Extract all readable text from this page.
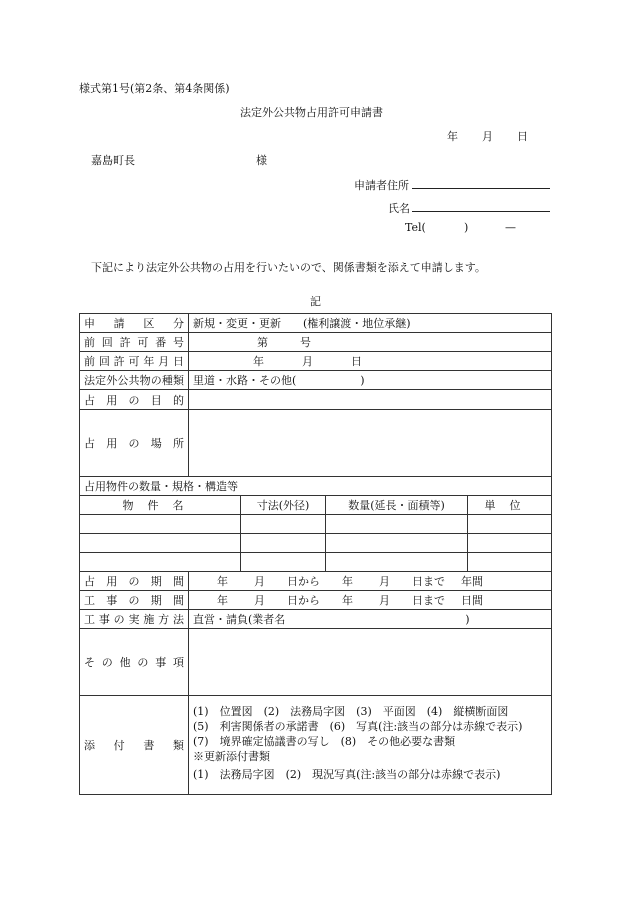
様式第1号(第2条、第4条関係)
法定外公共物占用許可申請書
年 月 日
嘉島町長	様
申請者住所
氏名
Tel(	)	—
下記により法定外公共物の占用を行いたいので、関係書類を添えて申請します。
記
申請区分	新規・変更・更新　　(権利譲渡・地位承継)			
前回許可番号	第 号			
前回許可年月日	年 月 日			
法定外公共物の種類	里道・水路・その他( )			
占用の目的				
占用の場所				
占用物件の数量・規格・構造等				
物件名		寸法(外径)	数量(延長・面積等)	単位

占用の期間	年 月 日から 年 月 日まで 年間			
工事の期間	年 月 日から 年 月 日まで 日間			
工事の実施方法	直営・請負(業者名 )			
その他の事項				
添付書類	(1)　位置図　(2)　法務局字図　(3)　平面図　(4)　縦横断面図
(5)　利害関係者の承諾書　(6)　写真(注:該当の部分は赤線で表示)
(7)　境界確定協議書の写し　(8)　その他必要な書類
※更新添付書類
(1)　法務局字図　(2)　現況写真(注:該当の部分は赤線で表示)			
